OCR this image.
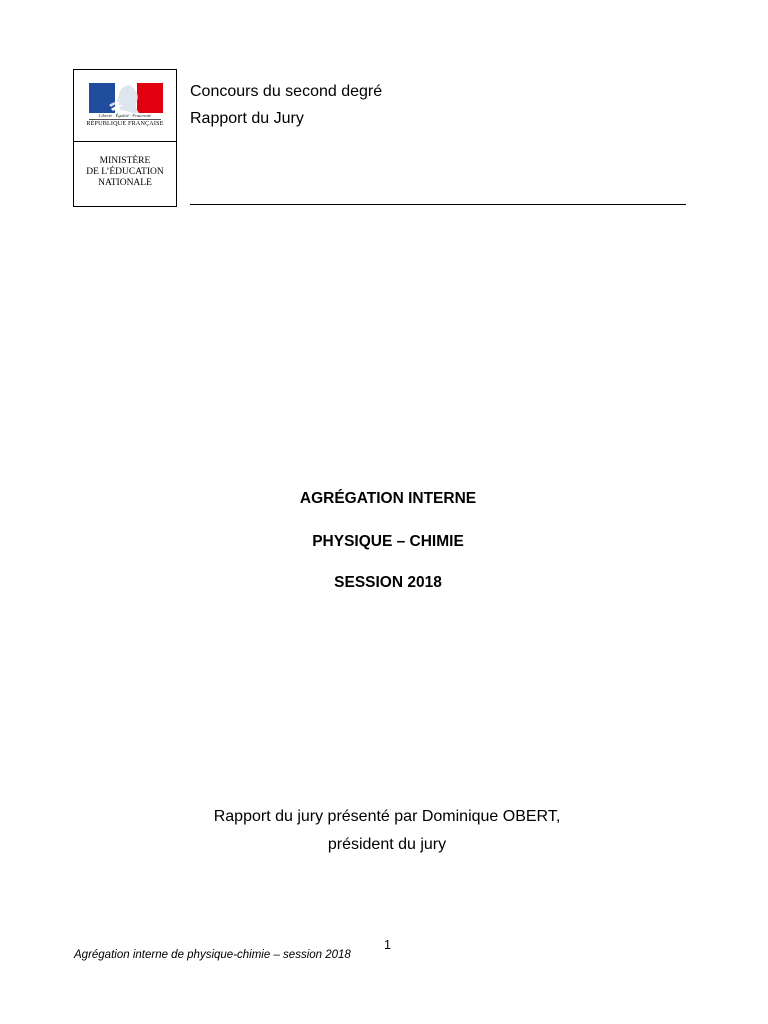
Liberté · Égalité · Fraternité
RÉPUBLIQUE FRANÇAISE
MINISTÈRE
DE L’ÉDUCATION
NATIONALE
Concours du second degré
Rapport du Jury
AGRÉGATION INTERNE
PHYSIQUE – CHIMIE
SESSION 2018
Rapport du jury présenté par Dominique OBERT,
président du jury
1
Agrégation interne de physique-chimie – session 2018
